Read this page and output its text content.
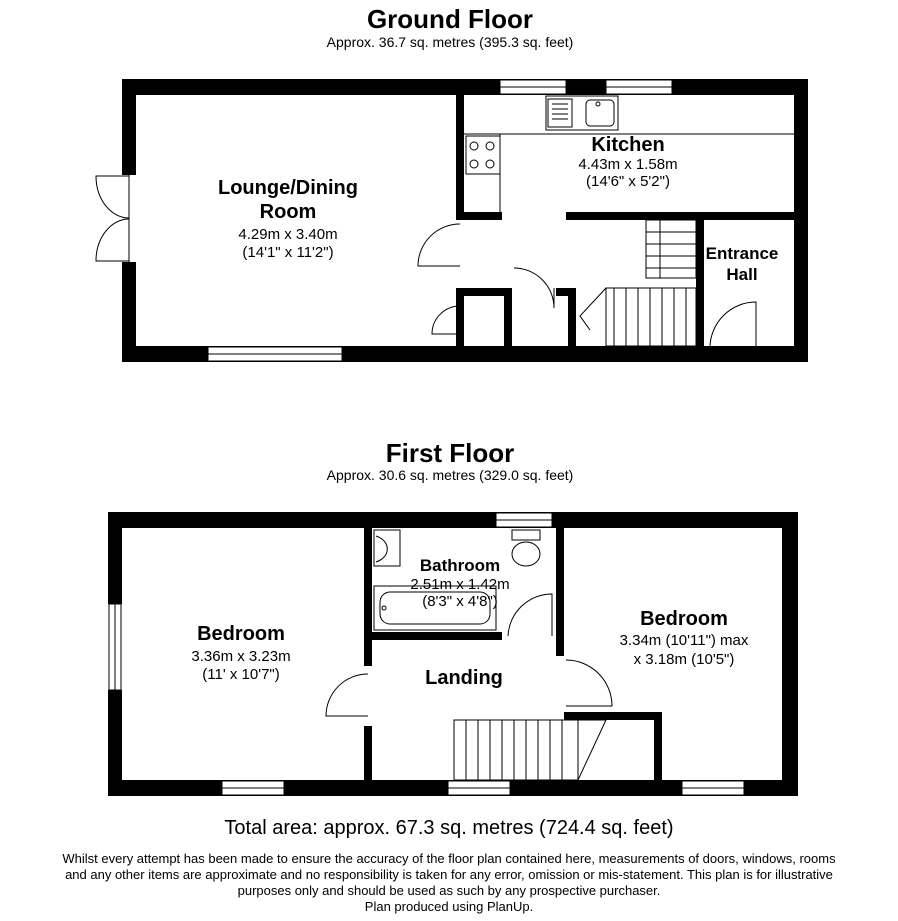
Ground Floor
Approx. 36.7 sq. metres (395.3 sq. feet)
Lounge/Dining
Room
4.29m x 3.40m
(14'1" x 11'2")
Kitchen
4.43m x 1.58m
(14'6" x 5'2")
Entrance
Hall
First Floor
Approx. 30.6 sq. metres (329.0 sq. feet)
Bedroom
3.36m x 3.23m
(11' x 10'7")
Bathroom
2.51m x 1.42m
(8'3" x 4'8")
Landing
Bedroom
3.34m (10'11") max
x 3.18m (10'5")
Total area: approx. 67.3 sq. metres (724.4 sq. feet)
Whilst every attempt has been made to ensure the accuracy of the floor plan contained here, measurements of doors, windows, rooms
and any other items are approximate and no responsibility is taken for any error, omission or mis-statement. This plan is for illustrative
purposes only and should be used as such by any prospective purchaser.
Plan produced using PlanUp.
